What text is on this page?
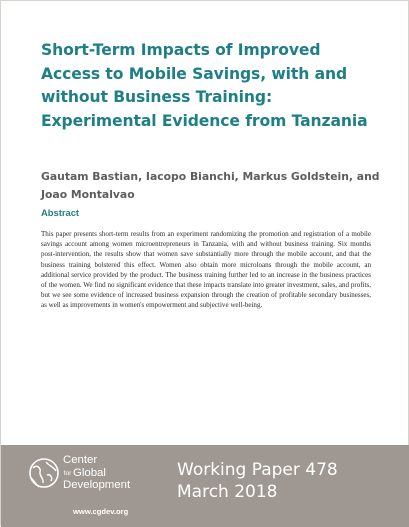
Short-Term Impacts of Improved Access to Mobile Savings, with and without Business Training: Experimental Evidence from Tanzania

Gautam Bastian, Iacopo Bianchi, Markus Goldstein, and Joao Montalvao

Abstract

This paper presents short-term results from an experiment randomizing the promotion and registration of a mobile savings account among women microentrepreneurs in Tanzania, with and without business training. Six months post-intervention, the results show that women save substantially more through the mobile account, and that the business training bolstered this effect. Women also obtain more microloans through the mobile account, an additional service provided by the product. The business training further led to an increase in the business practices of the women. We find no significant evidence that these impacts translate into greater investment, sales, and profits, but we see some evidence of increased business expansion through the creation of profitable secondary businesses, as well as improvements in women's empowerment and subjective well-being.

Center
for Global
Development
www.cgdev.org
Working Paper 478
March 2018
